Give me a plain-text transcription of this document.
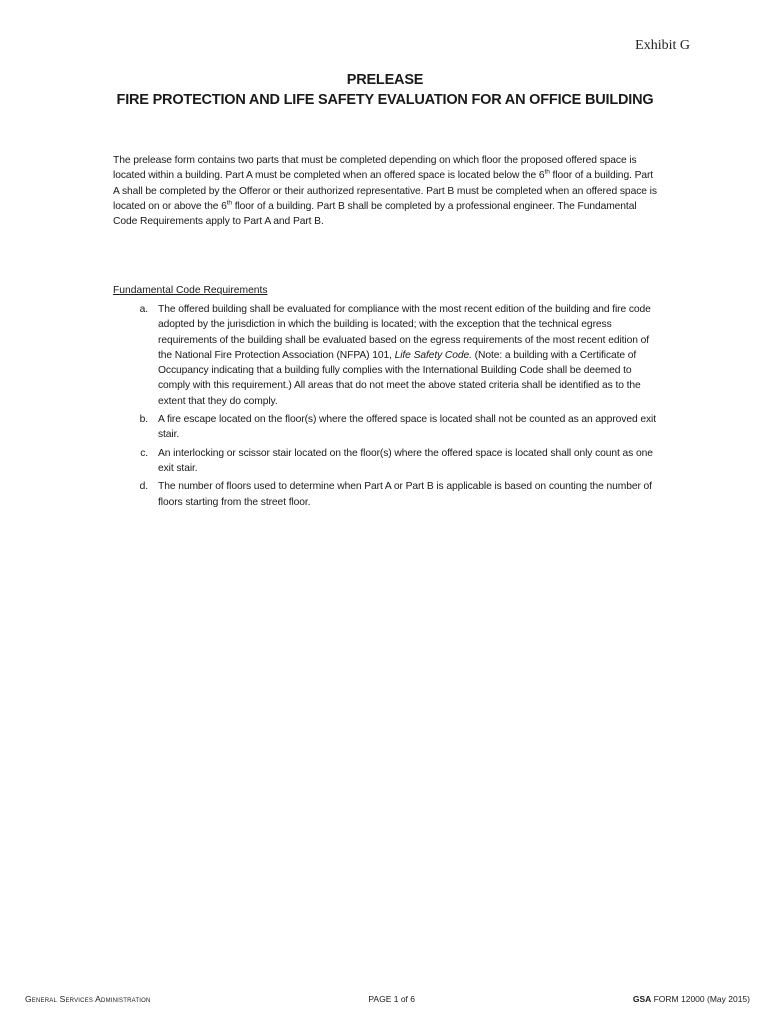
Exhibit G
PRELEASE
FIRE PROTECTION AND LIFE SAFETY EVALUATION FOR AN OFFICE BUILDING

The prelease form contains two parts that must be completed depending on which floor the proposed offered space is located within a building. Part A must be completed when an offered space is located below the 6th floor of a building. Part A shall be completed by the Offeror or their authorized representative. Part B must be completed when an offered space is located on or above the 6th floor of a building. Part B shall be completed by a professional engineer. The Fundamental Code Requirements apply to Part A and Part B.

Fundamental Code Requirements
a. The offered building shall be evaluated for compliance with the most recent edition of the building and fire code adopted by the jurisdiction in which the building is located; with the exception that the technical egress requirements of the building shall be evaluated based on the egress requirements of the most recent edition of the National Fire Protection Association (NFPA) 101, Life Safety Code. (Note: a building with a Certificate of Occupancy indicating that a building fully complies with the International Building Code shall be deemed to comply with this requirement.) All areas that do not meet the above stated criteria shall be identified as to the extent that they do comply.
b. A fire escape located on the floor(s) where the offered space is located shall not be counted as an approved exit stair.
c. An interlocking or scissor stair located on the floor(s) where the offered space is located shall only count as one exit stair.
d. The number of floors used to determine when Part A or Part B is applicable is based on counting the number of floors starting from the street floor.
General Services Administration	PAGE 1 of 6	GSA FORM 12000 (May 2015)
